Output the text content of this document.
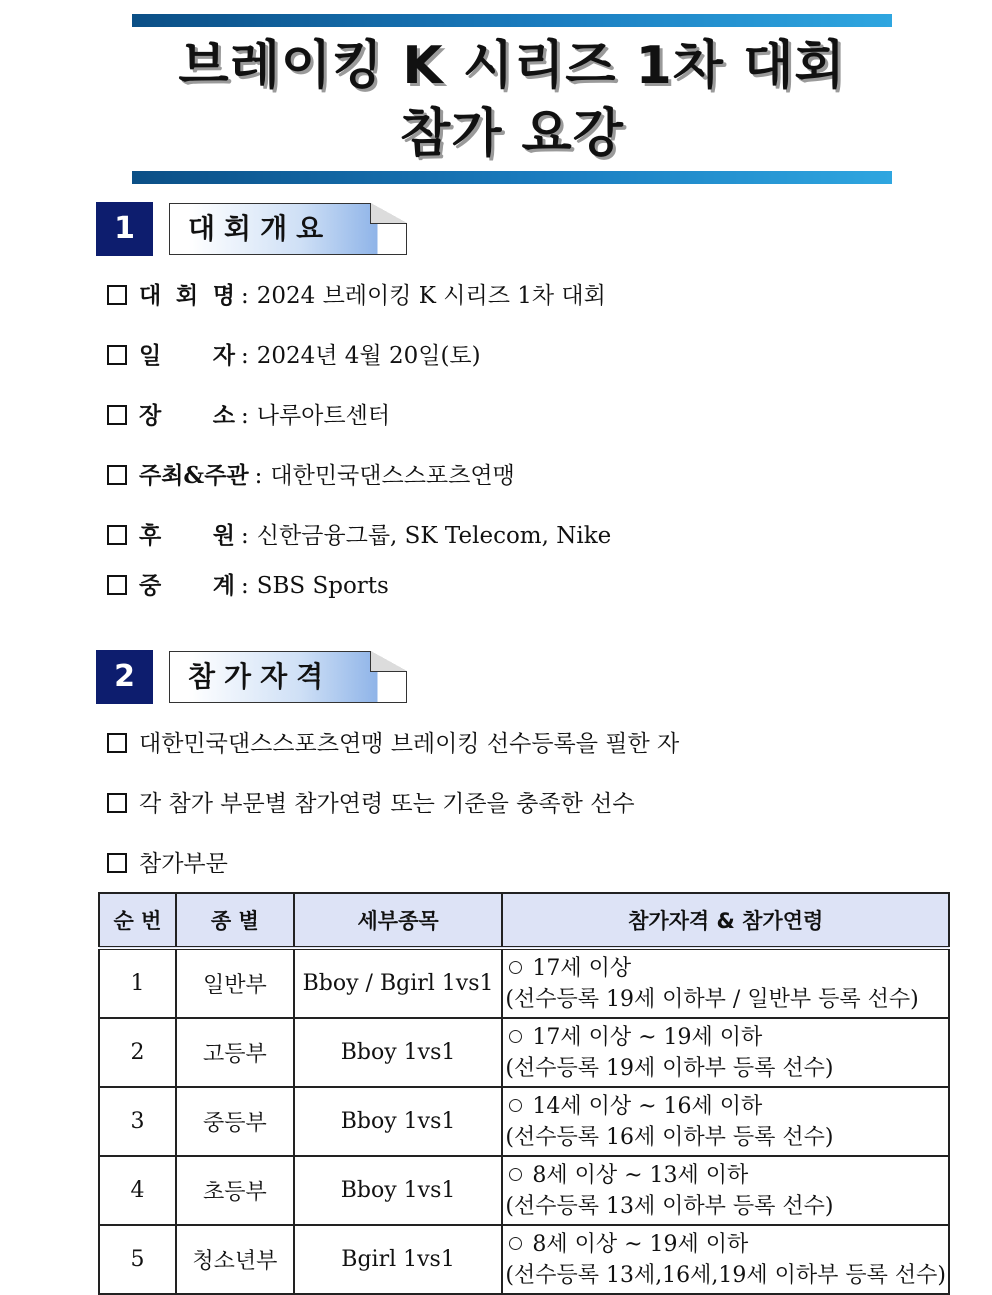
브레이킹 K 시리즈 1차 대회
참가 요강
1	대회개요
대 회 명 : 2024 브레이킹 K 시리즈 1차 대회
일 자 : 2024년 4월 20일(토)
장 소 : 나루아트센터
주최&주관 : 대한민국댄스스포츠연맹
후 원 : 신한금융그룹, SK Telecom, Nike
중 계 : SBS Sports
2	참가자격
대한민국댄스스포츠연맹 브레이킹 선수등록을 필한 자
각 참가 부문별 참가연령 또는 기준을 충족한 선수
참가부문
순 번	종 별	세부종목	참가자격 & 참가연령
1	일반부	Bboy / Bgirl 1vs1	17세 이상
(선수등록 19세 이하부 / 일반부 등록 선수)
2	고등부	Bboy 1vs1	17세 이상 ~ 19세 이하
(선수등록 19세 이하부 등록 선수)
3	중등부	Bboy 1vs1	14세 이상 ~ 16세 이하
(선수등록 16세 이하부 등록 선수)
4	초등부	Bboy 1vs1	8세 이상 ~ 13세 이하
(선수등록 13세 이하부 등록 선수)
5	청소년부	Bgirl 1vs1	8세 이상 ~ 19세 이하
(선수등록 13세,16세,19세 이하부 등록 선수)
